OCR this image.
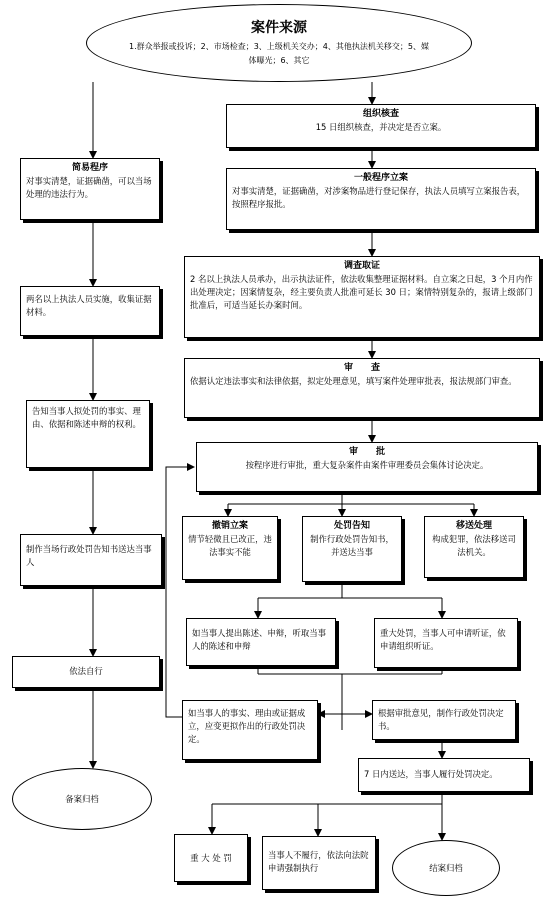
案件来源
1.群众举报或投诉；2、市场检查；3、上级机关交办；4、其他执法机关移交；5、媒体曝光；6、其它
简易程序
对事实清楚，证据确凿，可以当场处理的违法行为。
两名以上执法人员实施，收集证据材料。
告知当事人拟处罚的事实、理由、依据和陈述申辩的权利。
制作当场行政处罚告知书送达当事人
依法自行
备案归档
组织核查
15 日组织核查，并决定是否立案。
一般程序立案
对事实清楚，证据确凿，对涉案物品进行登记保存，执法人员填写立案报告表，按照程序报批。
调查取证
2 名以上执法人员承办，出示执法证件，依法收集整理证据材料。自立案之日起，3 个月内作出处理决定；因案情复杂，经主要负责人批准可延长 30 日；案情特别复杂的，报请上级部门批准后，可适当延长办案时间。
审　　查
依据认定违法事实和法律依据，拟定处理意见，填写案件处理审批表，报法规部门审查。
审　　批
按程序进行审批，重大复杂案件由案件审理委员会集体讨论决定。
撤销立案
情节轻微且已改正，违法事实不能
处罚告知
制作行政处罚告知书，并送达当事
移送处理
构成犯罪，依法移送司法机关。
如当事人提出陈述、申辩，听取当事人的陈述和申辩
重大处罚，当事人可申请听证，依申请组织听证。
如当事人的事实、理由或证据成立，应变更拟作出的行政处罚决定。
根据审批意见，制作行政处罚决定书。
7 日内送达，当事人履行处罚决定。
重 大 处 罚	当事人不履行，依法向法院申请强制执行	结案归档
